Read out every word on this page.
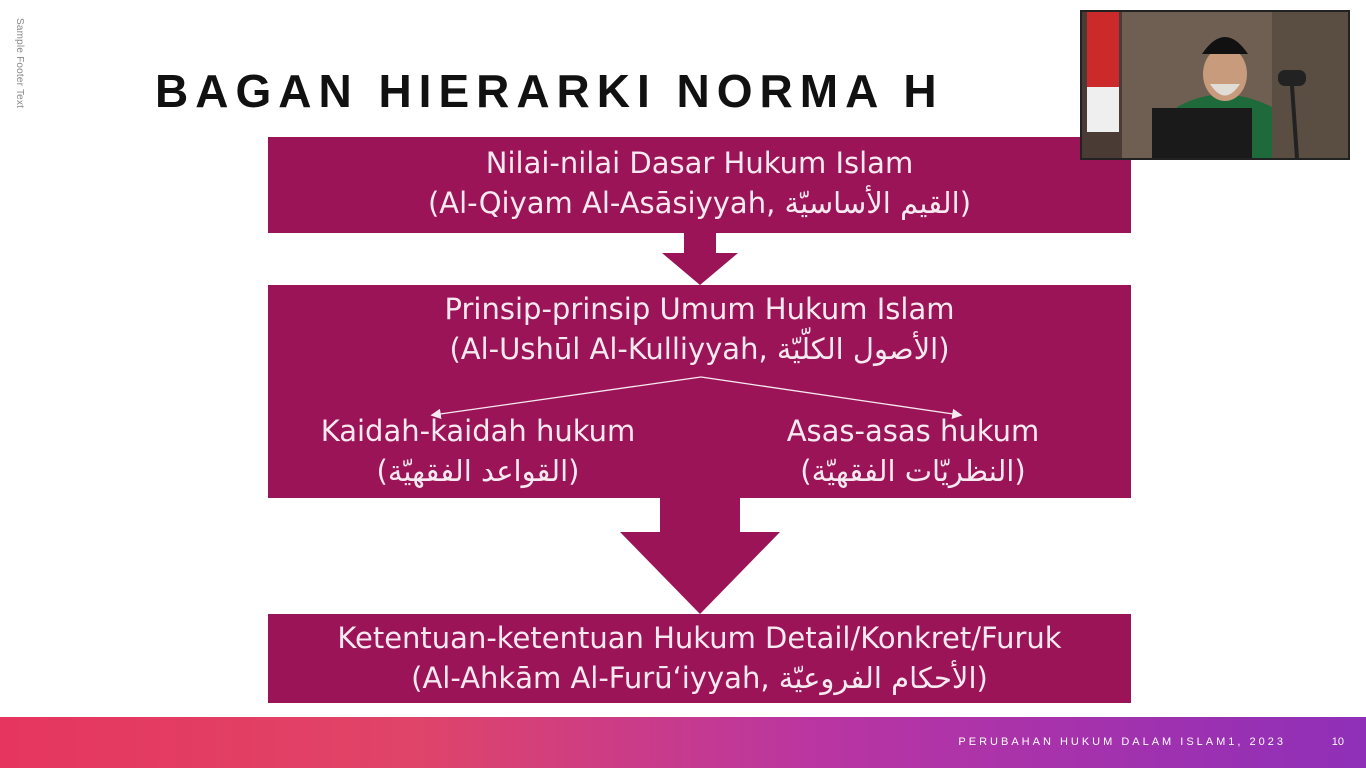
Sample Footer Text	BAGAN HIERARKI NORMA H
Nilai-nilai Dasar Hukum Islam
(Al-Qiyam Al-Asāsiyyah, القيم الأساسيّة)
Prinsip-prinsip Umum Hukum Islam
(Al-Ushūl Al-Kulliyyah, الأصول الكلّيّة)
Kaidah-kaidah hukum
(القواعد الفقهيّة)
Asas-asas hukum
(النظريّات الفقهيّة)
Ketentuan-ketentuan Hukum Detail/Konkret/Furuk
(Al-Ahkām Al-Furū‘iyyah, الأحكام الفروعيّة)
PERUBAHAN HUKUM DALAM ISLAM1, 2023	10
